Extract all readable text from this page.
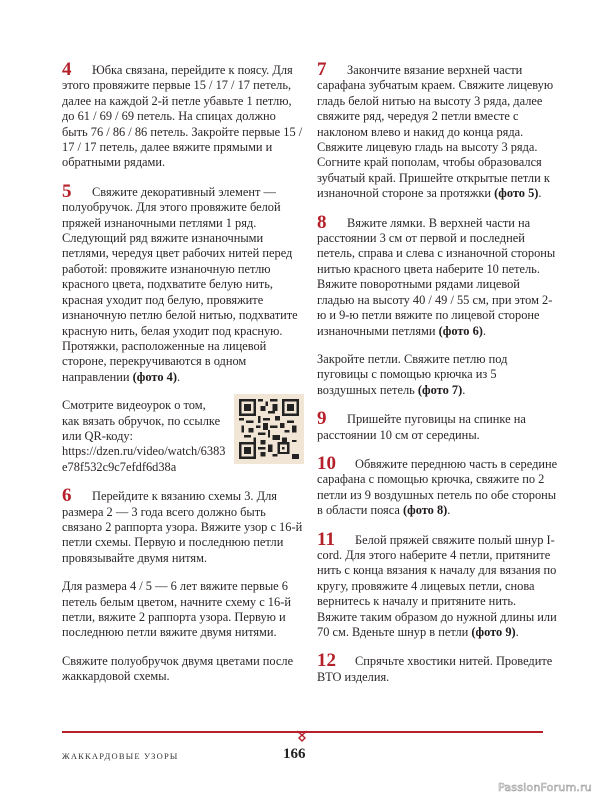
4 Юбка связана, перейдите к поясу. Для этого провяжите первые 15 / 17 / 17 петель, далее на каждой 2-й петле убавьте 1 петлю, до 61 / 69 / 69 петель. На спицах должно быть 76 / 86 / 86 петель. Закройте первые 15 / 17 / 17 петель, далее вяжите прямыми и обратными рядами.
5 Свяжите декоративный элемент — полуобручок. Для этого провяжите белой пряжей изнаночными петлями 1 ряд. Следующий ряд вяжите изнаночными петлями, чередуя цвет рабочих нитей перед работой: провяжите изнаночную петлю красного цвета, подхватите белую нить, красная уходит под белую, провяжите изнаночную петлю белой нитью, подхватите красную нить, белая уходит под красную. Протяжки, расположенные на лицевой стороне, перекручиваются в одном направлении (фото 4).
Смотрите видеоурок о том, как вязать обручок, по ссылке или QR-коду: https://dzen.ru/video/watch/6383e78f532c9c7efdf6d38a
6 Перейдите к вязанию схемы 3. Для размера 2 — 3 года всего должно быть связано 2 раппорта узора. Вяжите узор с 16-й петли схемы. Первую и последнюю петли провязывайте двумя нитям.
Для размера 4 / 5 — 6 лет вяжите первые 6 петель белым цветом, начните схему с 16-й петли, вяжите 2 раппорта узора. Первую и последнюю петли вяжите двумя нитями.
Свяжите полуобручок двумя цветами после жаккардовой схемы.
7 Закончите вязание верхней части сарафана зубчатым краем. Свяжите лицевую гладь белой нитью на высоту 3 ряда, далее свяжите ряд, чередуя 2 петли вместе с наклоном влево и накид до конца ряда. Свяжите лицевую гладь на высоту 3 ряда. Согните край пополам, чтобы образовался зубчатый край. Пришейте открытые петли к изнаночной стороне за протяжки (фото 5).
8 Вяжите лямки. В верхней части на расстоянии 3 см от первой и последней петель, справа и слева с изнаночной стороны нитью красного цвета наберите 10 петель. Вяжите поворотными рядами лицевой гладью на высоту 40 / 49 / 55 см, при этом 2-ю и 9-ю петли вяжите по лицевой стороне изнаночными петлями (фото 6).
Закройте петли. Свяжите петлю под пуговицы с помощью крючка из 5 воздушных петель (фото 7).
9 Пришейте пуговицы на спинке на расстоянии 10 см от середины.
10 Обвяжите переднюю часть в середине сарафана с помощью крючка, свяжите по 2 петли из 9 воздушных петель по обе стороны в области пояса (фото 8).
11 Белой пряжей свяжите полый шнур I-cord. Для этого наберите 4 петли, притяните нить с конца вязания к началу для вязания по кругу, провяжите 4 лицевых петли, снова вернитесь к началу и притяните нить. Вяжите таким образом до нужной длины или 70 см. Вденьте шнур в петли (фото 9).
12 Спрячьте хвостики нитей. Проведите ВТО изделия.
ЖАККАРДОВЫЕ УЗОРЫ	166
PassionForum.ru
